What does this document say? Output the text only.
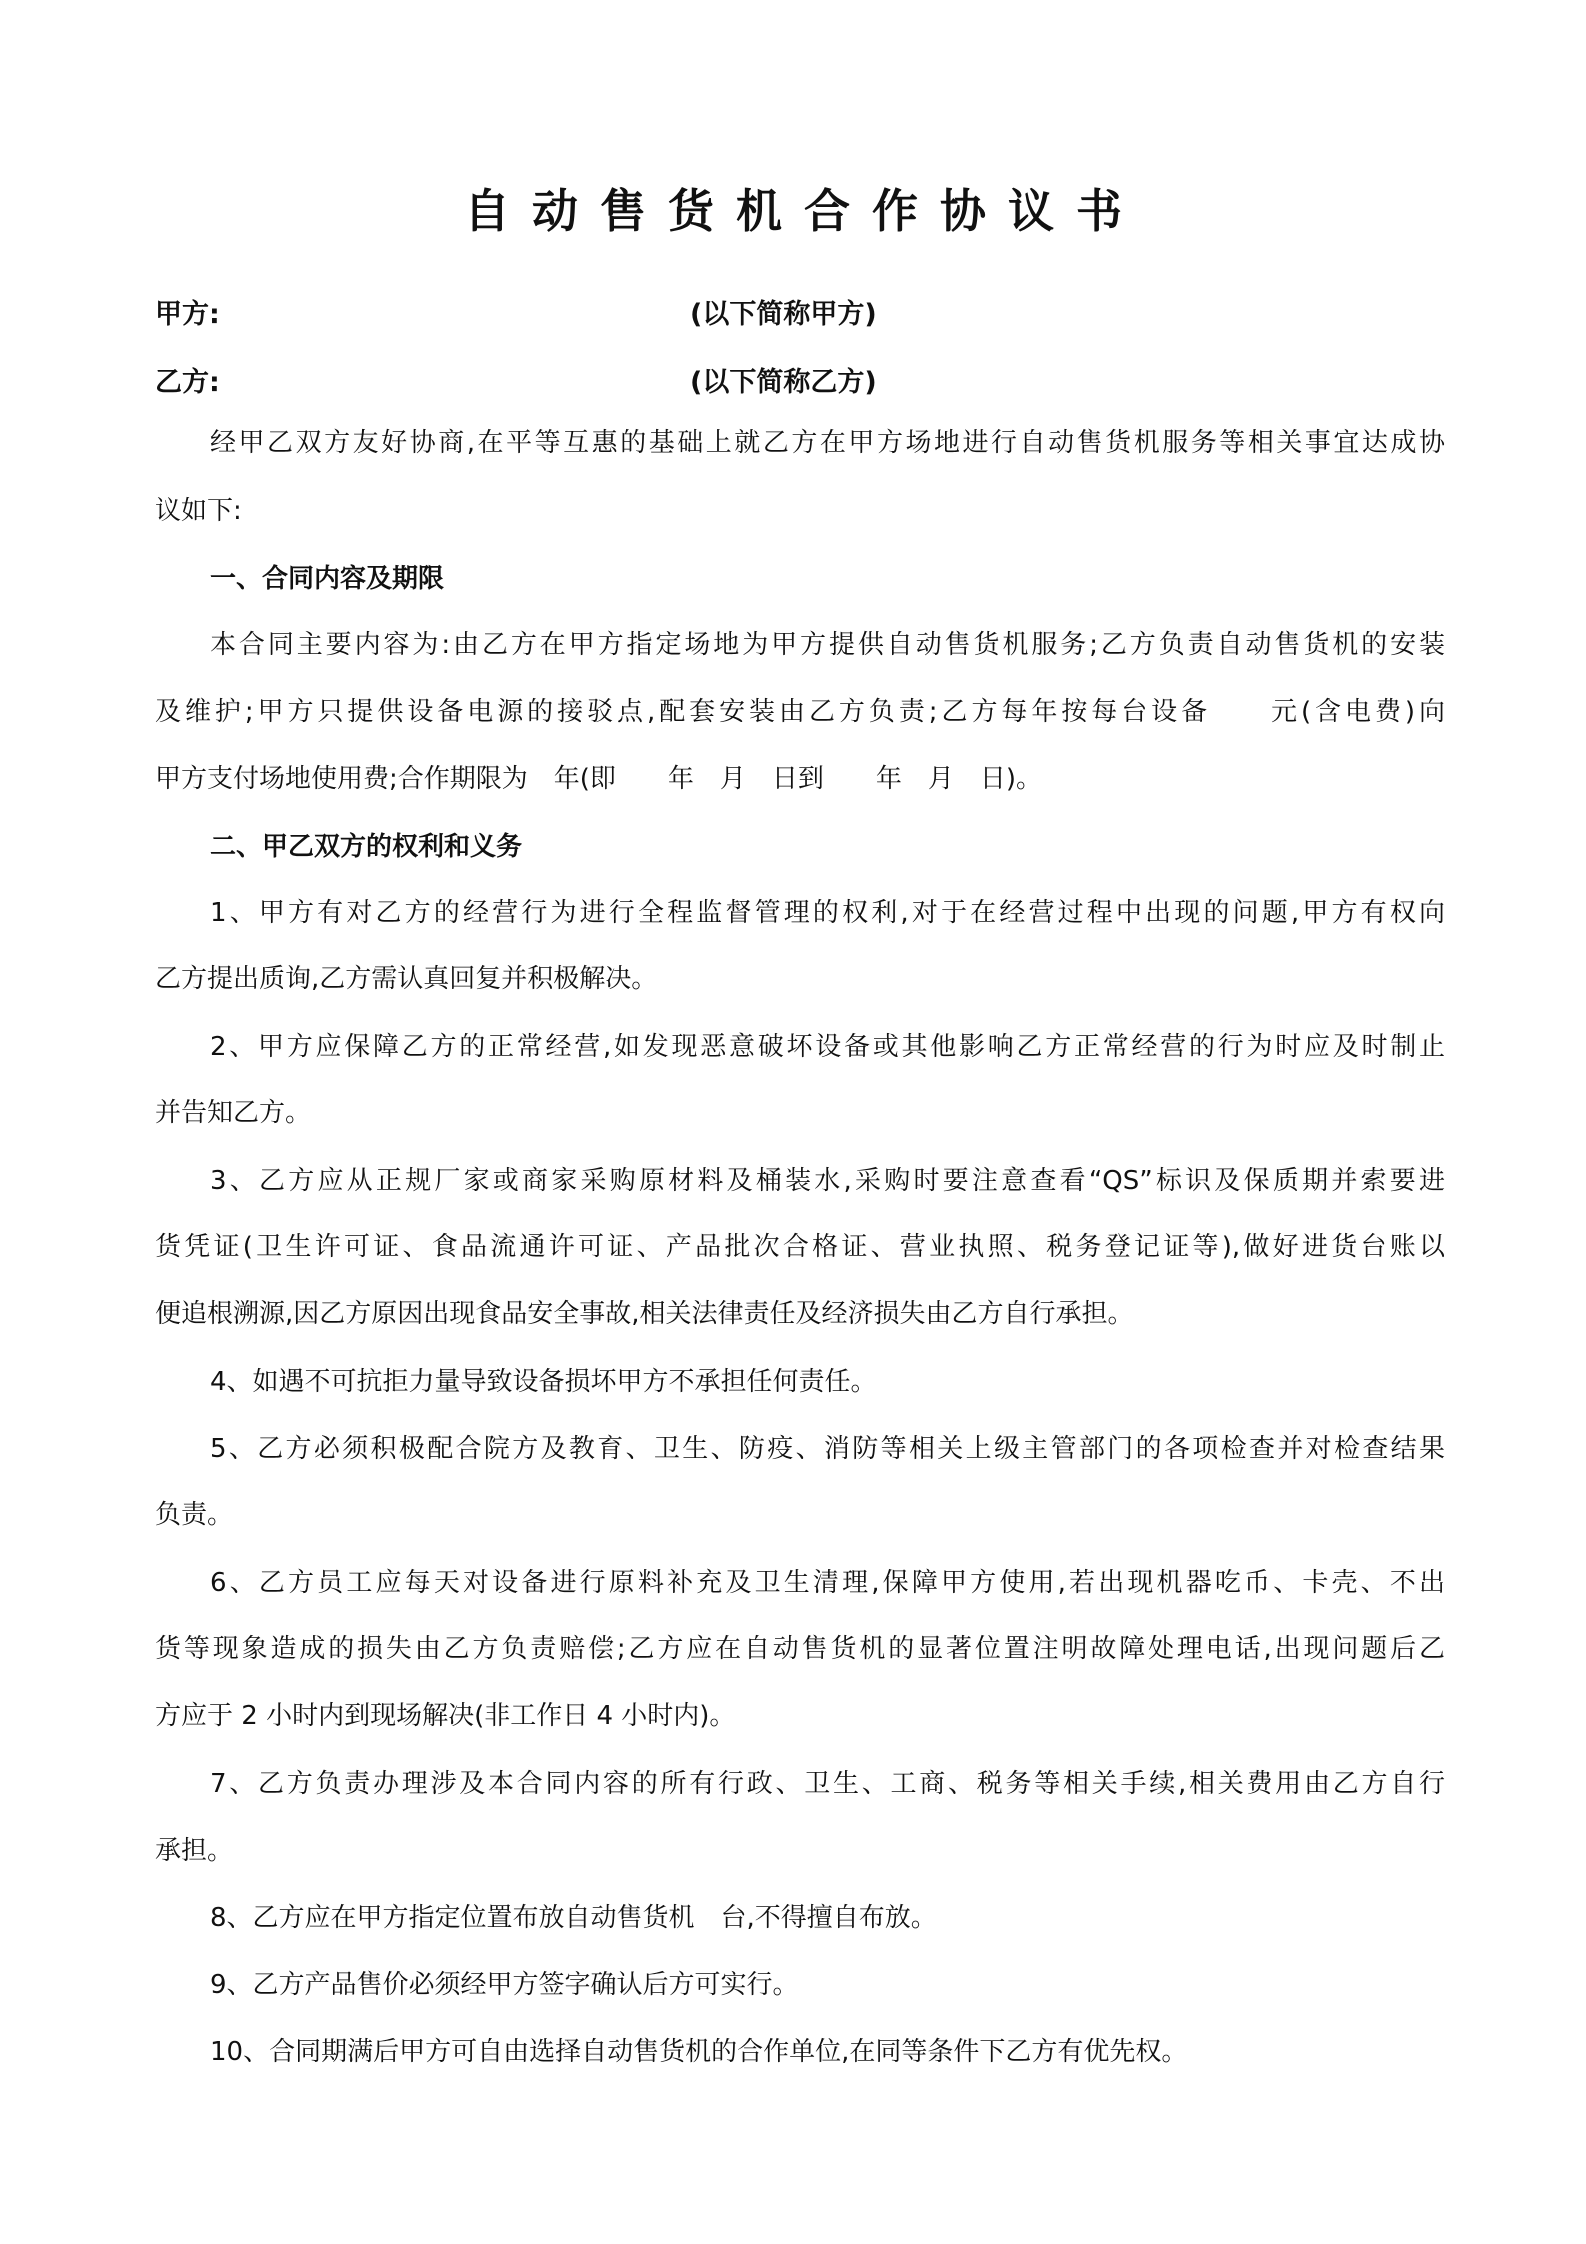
自动售货机合作协议书
甲方:	(以下简称甲方)
乙方:	(以下简称乙方)
经甲乙双方友好协商,在平等互惠的基础上就乙方在甲方场地进行自动售货机服务等相关事宜达成协
议如下:
一、合同内容及期限
本合同主要内容为:由乙方在甲方指定场地为甲方提供自动售货机服务;乙方负责自动售货机的安装
及维护;甲方只提供设备电源的接驳点,配套安装由乙方负责;乙方每年按每台设备　　元(含电费)向
甲方支付场地使用费;合作期限为　年(即　　年　月　日到　　年　月　日)。
二、甲乙双方的权利和义务
1、甲方有对乙方的经营行为进行全程监督管理的权利,对于在经营过程中出现的问题,甲方有权向
乙方提出质询,乙方需认真回复并积极解决。
2、甲方应保障乙方的正常经营,如发现恶意破坏设备或其他影响乙方正常经营的行为时应及时制止
并告知乙方。
3、乙方应从正规厂家或商家采购原材料及桶装水,采购时要注意查看“QS”标识及保质期并索要进
货凭证(卫生许可证、食品流通许可证、产品批次合格证、营业执照、税务登记证等),做好进货台账以
便追根溯源,因乙方原因出现食品安全事故,相关法律责任及经济损失由乙方自行承担。
4、如遇不可抗拒力量导致设备损坏甲方不承担任何责任。
5、乙方必须积极配合院方及教育、卫生、防疫、消防等相关上级主管部门的各项检查并对检查结果
负责。
6、乙方员工应每天对设备进行原料补充及卫生清理,保障甲方使用,若出现机器吃币、卡壳、不出
货等现象造成的损失由乙方负责赔偿;乙方应在自动售货机的显著位置注明故障处理电话,出现问题后乙
方应于 2 小时内到现场解决(非工作日 4 小时内)。
7、乙方负责办理涉及本合同内容的所有行政、卫生、工商、税务等相关手续,相关费用由乙方自行
承担。
8、乙方应在甲方指定位置布放自动售货机　台,不得擅自布放。
9、乙方产品售价必须经甲方签字确认后方可实行。
10、合同期满后甲方可自由选择自动售货机的合作单位,在同等条件下乙方有优先权。
